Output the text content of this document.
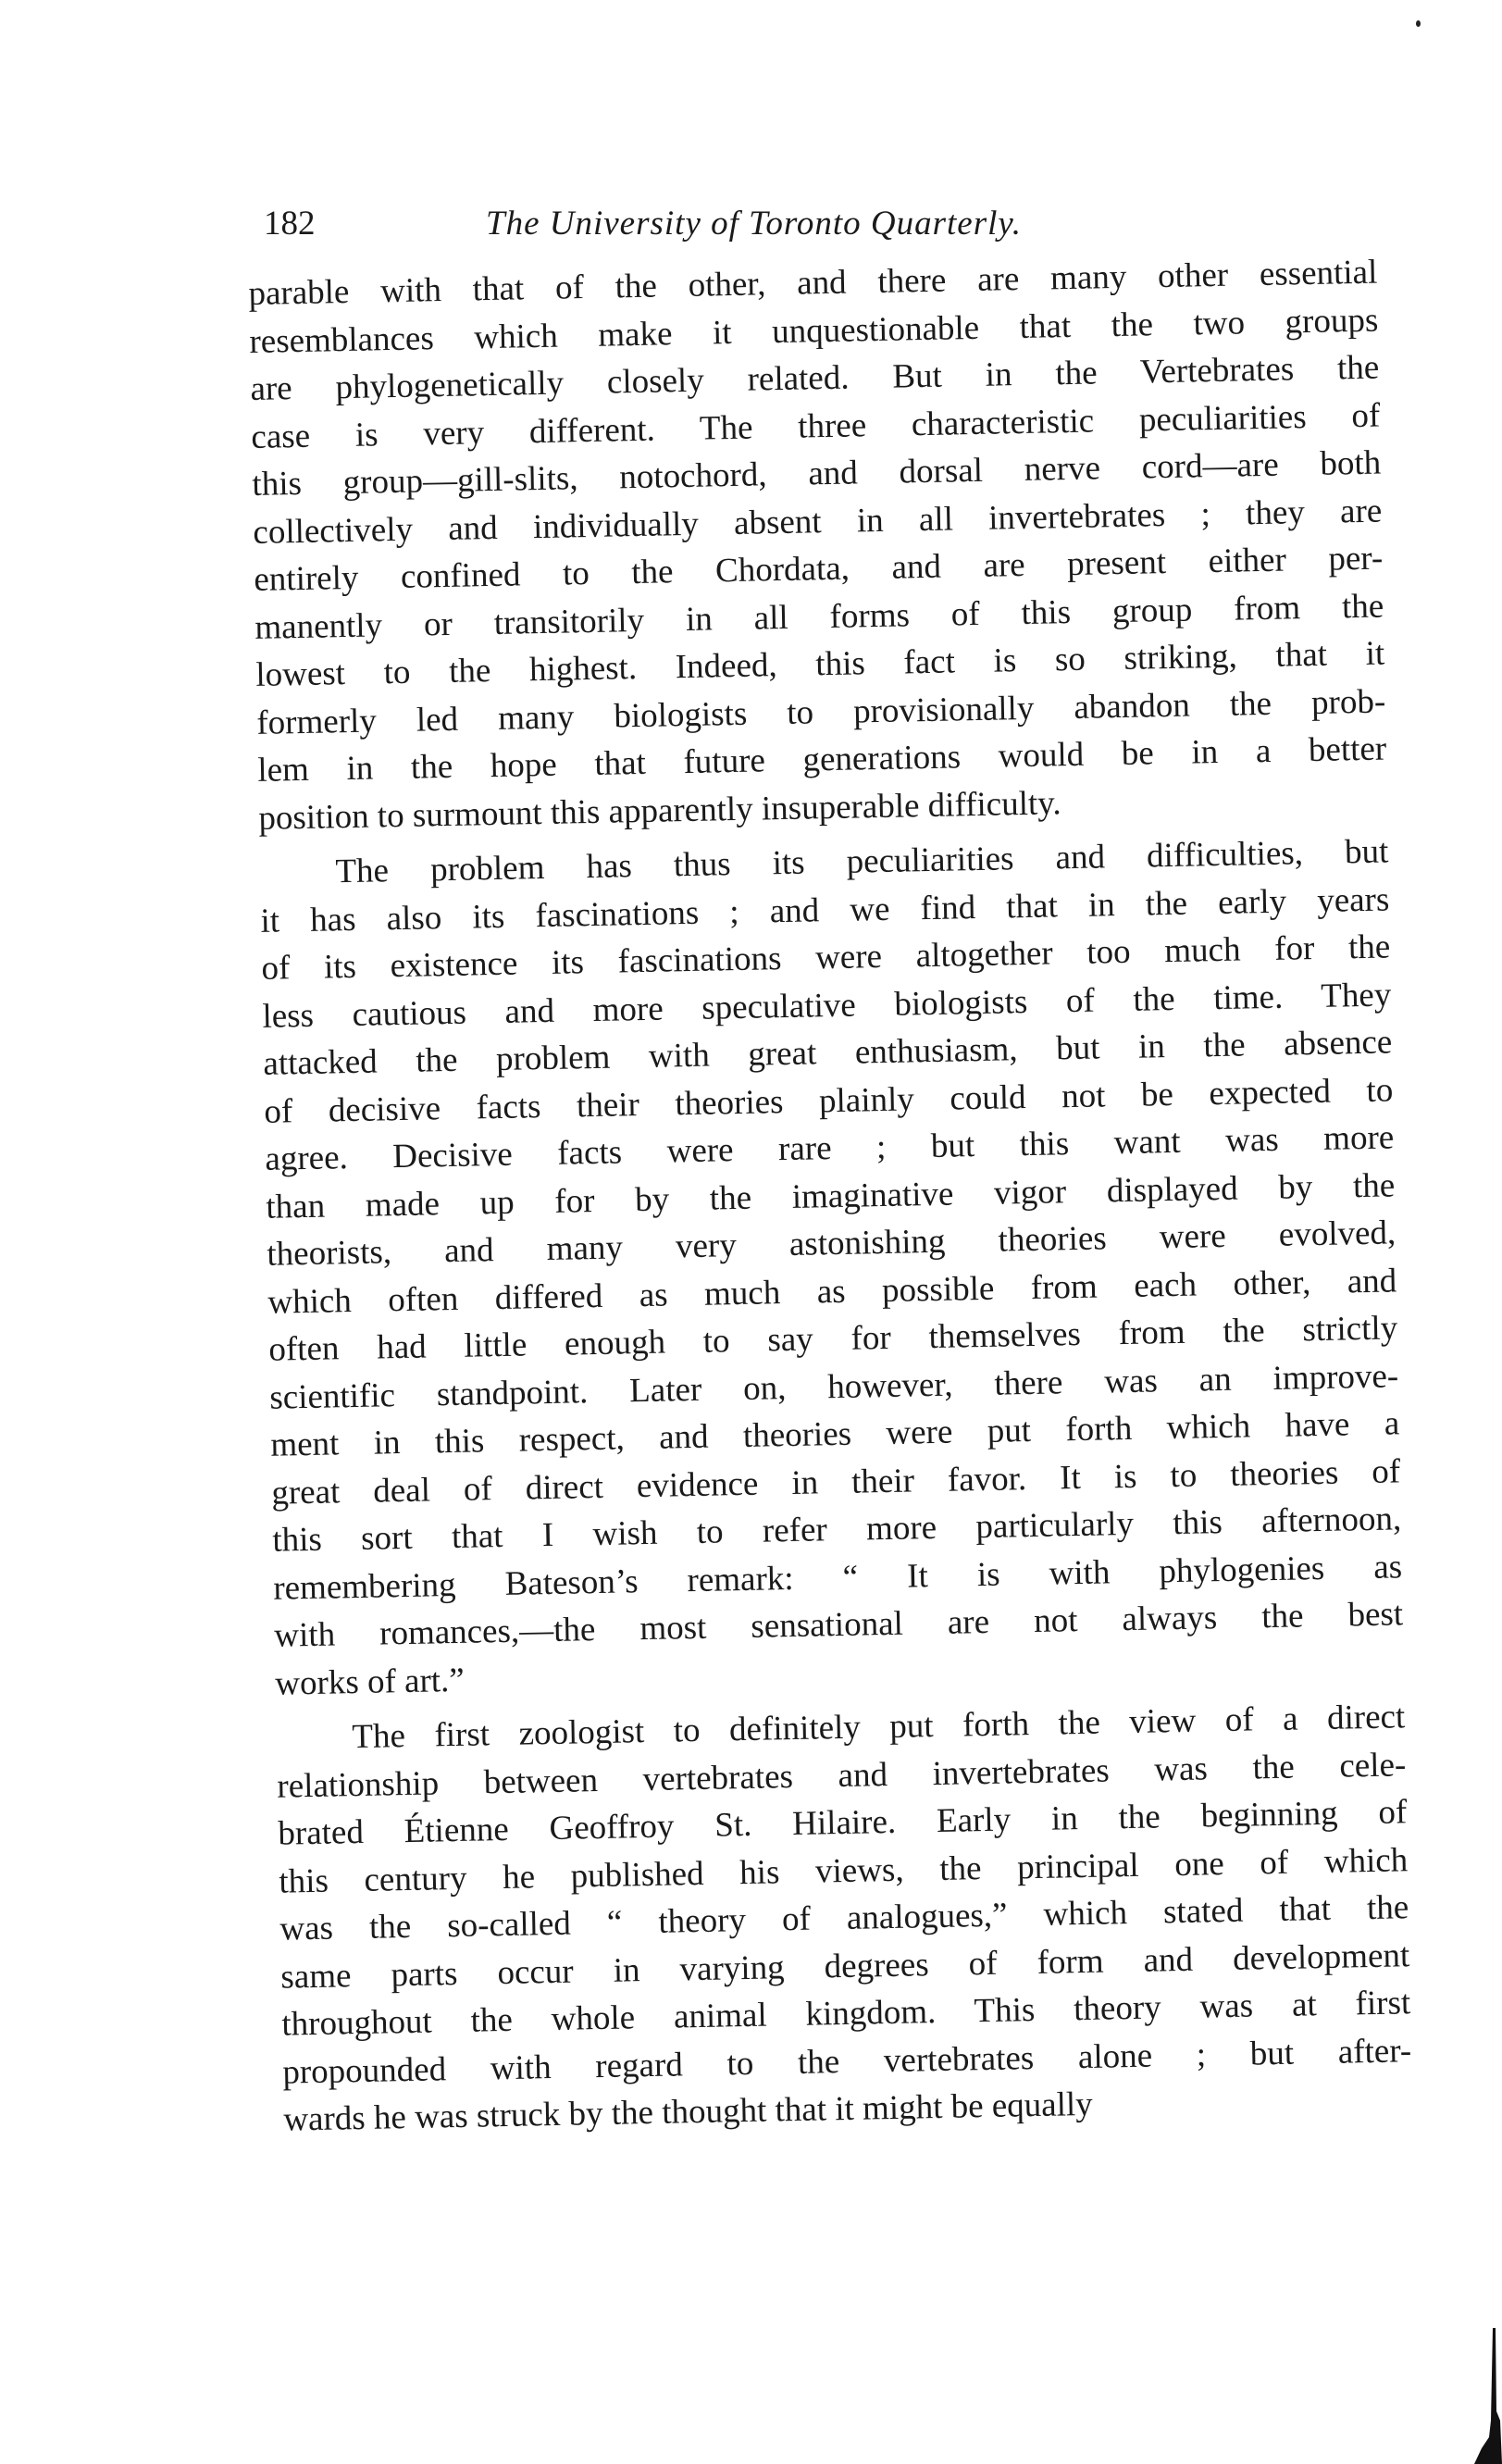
182	The University of Toronto Quarterly.
parable with that of the other, and there are many other essential
resemblances which make it unquestionable that the two groups
are phylogenetically closely related. But in the Vertebrates the
case is very different. The three characteristic peculiarities of
this group—gill-slits, notochord, and dorsal nerve cord—are both
collectively and individually absent in all invertebrates ; they are
entirely confined to the Chordata, and are present either per-
manently or transitorily in all forms of this group from the
lowest to the highest. Indeed, this fact is so striking, that it
formerly led many biologists to provisionally abandon the prob-
lem in the hope that future generations would be in a better
position to surmount this apparently insuperable difficulty.
The problem has thus its peculiarities and difficulties, but
it has also its fascinations ; and we find that in the early years
of its existence its fascinations were altogether too much for the
less cautious and more speculative biologists of the time. They
attacked the problem with great enthusiasm, but in the absence
of decisive facts their theories plainly could not be expected to
agree. Decisive facts were rare ; but this want was more
than made up for by the imaginative vigor displayed by the
theorists, and many very astonishing theories were evolved,
which often differed as much as possible from each other, and
often had little enough to say for themselves from the strictly
scientific standpoint. Later on, however, there was an improve-
ment in this respect, and theories were put forth which have a
great deal of direct evidence in their favor. It is to theories of
this sort that I wish to refer more particularly this afternoon,
remembering Bateson’s remark: “ It is with phylogenies as
with romances,—the most sensational are not always the best
works of art.”
The first zoologist to definitely put forth the view of a direct
relationship between vertebrates and invertebrates was the cele-
brated Étienne Geoffroy St. Hilaire. Early in the beginning of
this century he published his views, the principal one of which
was the so-called “ theory of analogues,” which stated that the
same parts occur in varying degrees of form and development
throughout the whole animal kingdom. This theory was at first
propounded with regard to the vertebrates alone ; but after-
wards he was struck by the thought that it might be equally
